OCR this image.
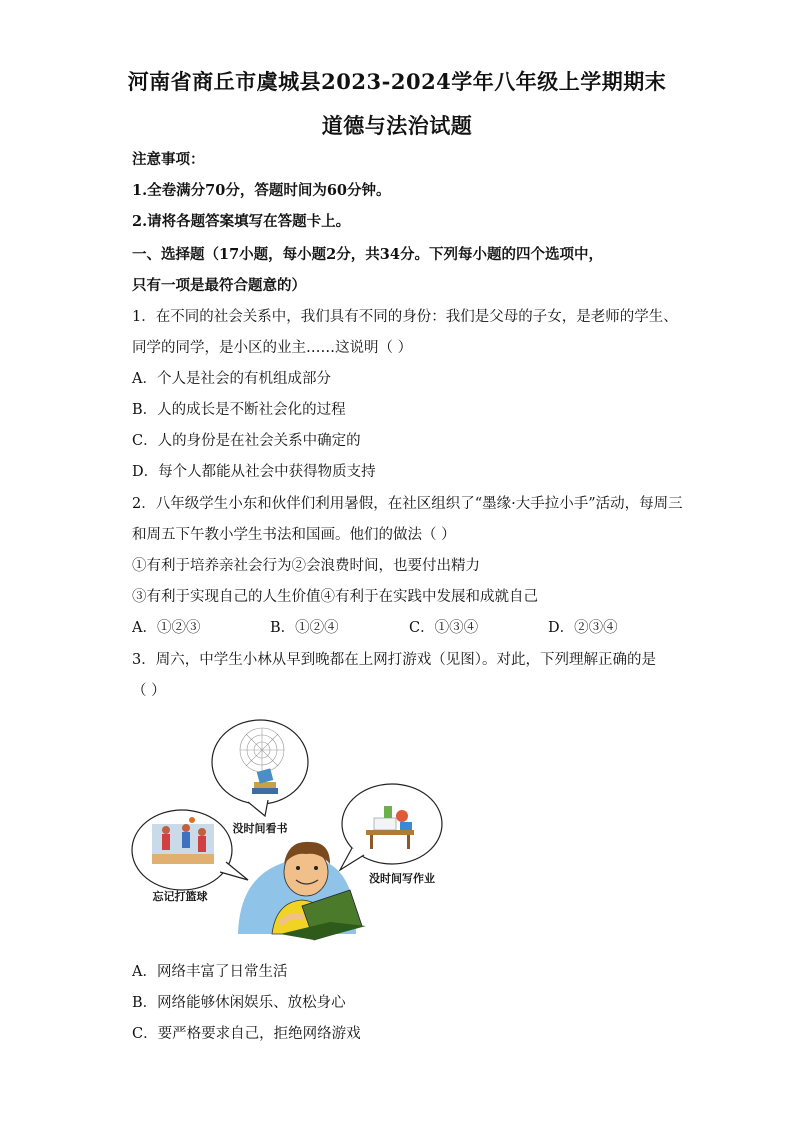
河南省商丘市虞城县2023-2024学年八年级上学期期末
道德与法治试题
注意事项：
1.全卷满分70分，答题时间为60分钟。
2.请将各题答案填写在答题卡上。
一、选择题（17小题，每小题2分，共34分。下列每小题的四个选项中，
只有一项是最符合题意的）
1．在不同的社会关系中，我们具有不同的身份：我们是父母的子女，是老师的学生、
同学的同学，是小区的业主……这说明（ ）
A．个人是社会的有机组成部分
B．人的成长是不断社会化的过程
C．人的身份是在社会关系中确定的
D．每个人都能从社会中获得物质支持
2．八年级学生小东和伙伴们利用暑假，在社区组织了“墨缘·大手拉小手”活动，每周三
和周五下午教小学生书法和国画。他们的做法（ ）
①有利于培养亲社会行为②会浪费时间，也要付出精力
③有利于实现自己的人生价值④有利于在实践中发展和成就自己
A．①②③	B．①②④	C．①③④	D．②③④
3．周六，中学生小林从早到晚都在上网打游戏（见图）。对此，下列理解正确的是
（ ）
没时间看书
没时间写作业
忘记打篮球
A．网络丰富了日常生活
B．网络能够休闲娱乐、放松身心
C．要严格要求自己，拒绝网络游戏
